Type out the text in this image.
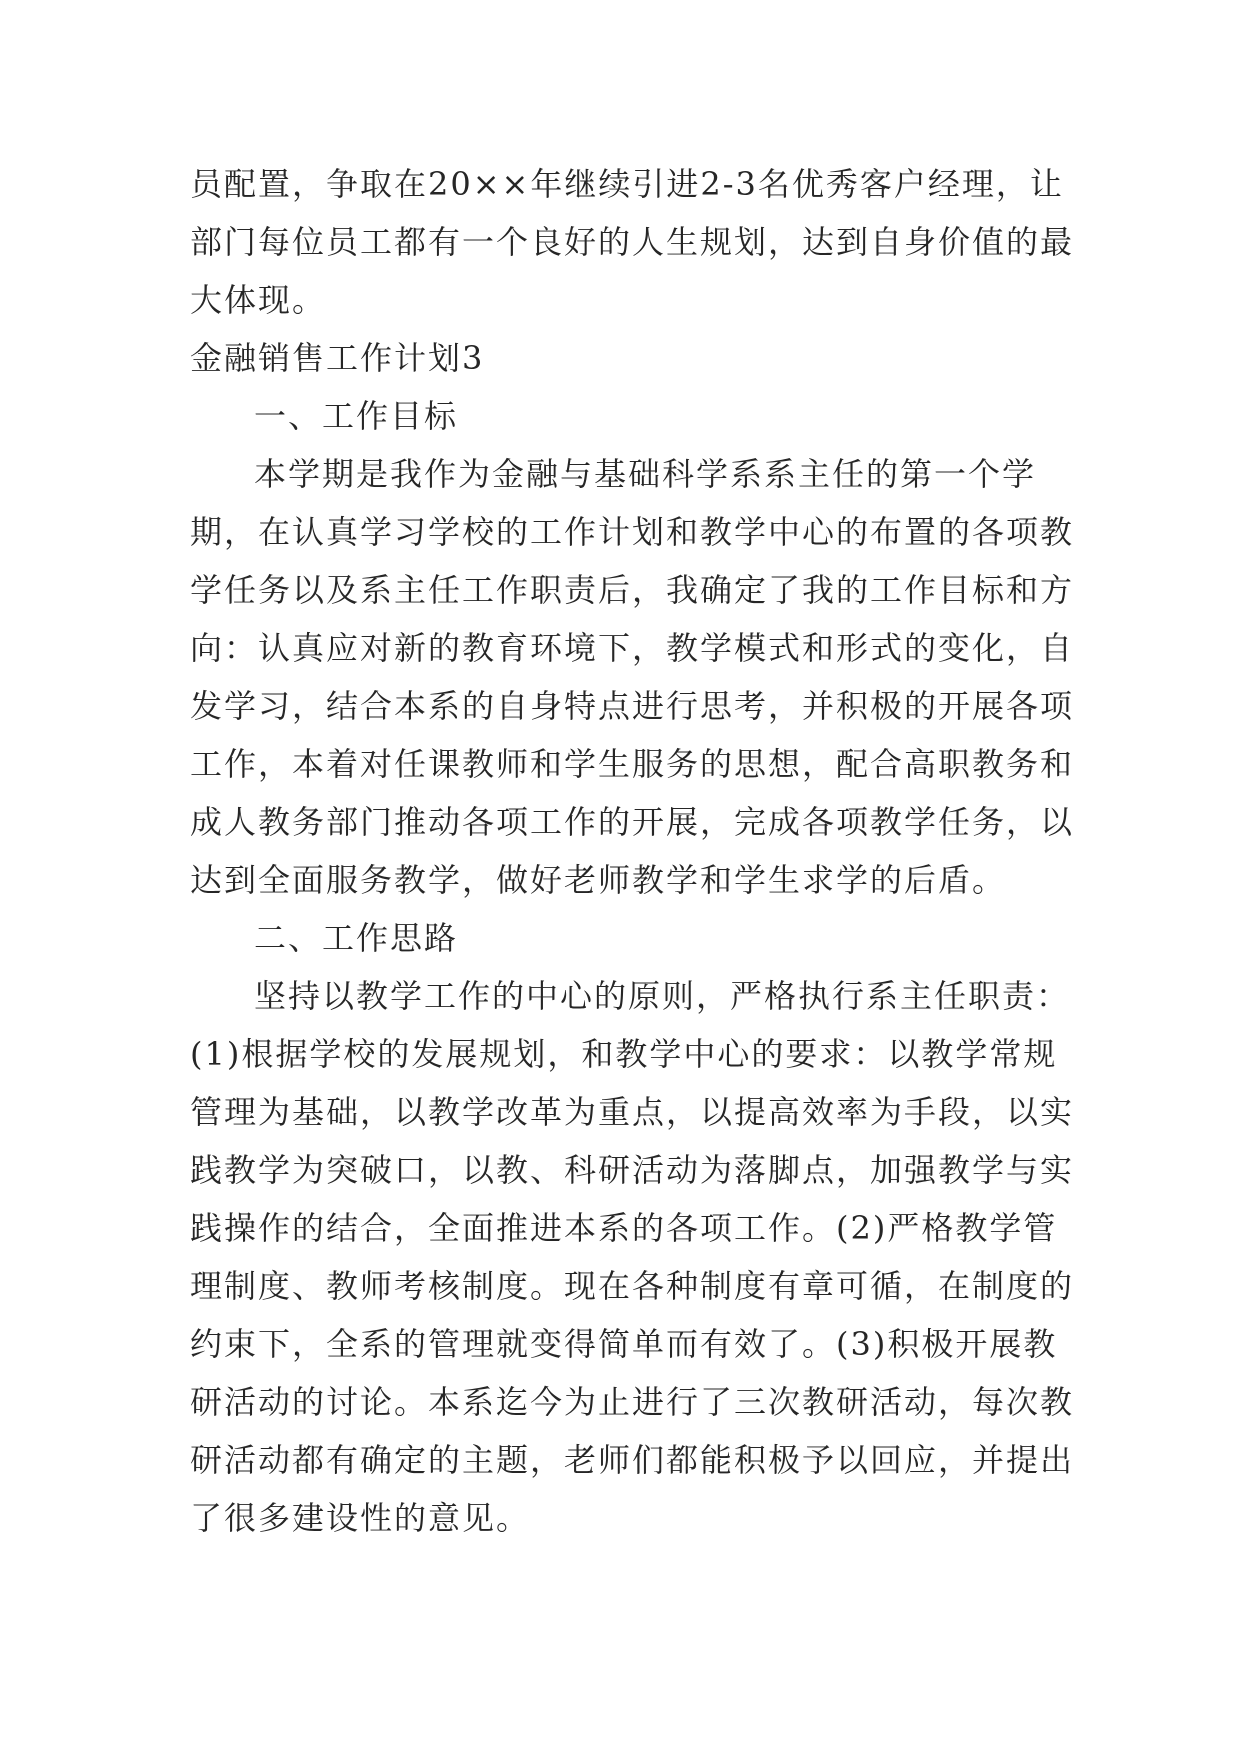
员配置，争取在20××年继续引进2-3名优秀客户经理，让

部门每位员工都有一个良好的人生规划，达到自身价值的最

大体现。

金融销售工作计划3

一、工作目标

本学期是我作为金融与基础科学系系主任的第一个学

期，在认真学习学校的工作计划和教学中心的布置的各项教

学任务以及系主任工作职责后，我确定了我的工作目标和方

向：认真应对新的教育环境下，教学模式和形式的变化，自

发学习，结合本系的自身特点进行思考，并积极的开展各项

工作，本着对任课教师和学生服务的思想，配合高职教务和

成人教务部门推动各项工作的开展，完成各项教学任务，以

达到全面服务教学，做好老师教学和学生求学的后盾。

二、工作思路

坚持以教学工作的中心的原则，严格执行系主任职责：

(1)根据学校的发展规划，和教学中心的要求：以教学常规

管理为基础，以教学改革为重点，以提高效率为手段，以实

践教学为突破口，以教、科研活动为落脚点，加强教学与实

践操作的结合，全面推进本系的各项工作。(2)严格教学管

理制度、教师考核制度。现在各种制度有章可循，在制度的

约束下，全系的管理就变得简单而有效了。(3)积极开展教

研活动的讨论。本系迄今为止进行了三次教研活动，每次教

研活动都有确定的主题，老师们都能积极予以回应，并提出

了很多建设性的意见。
